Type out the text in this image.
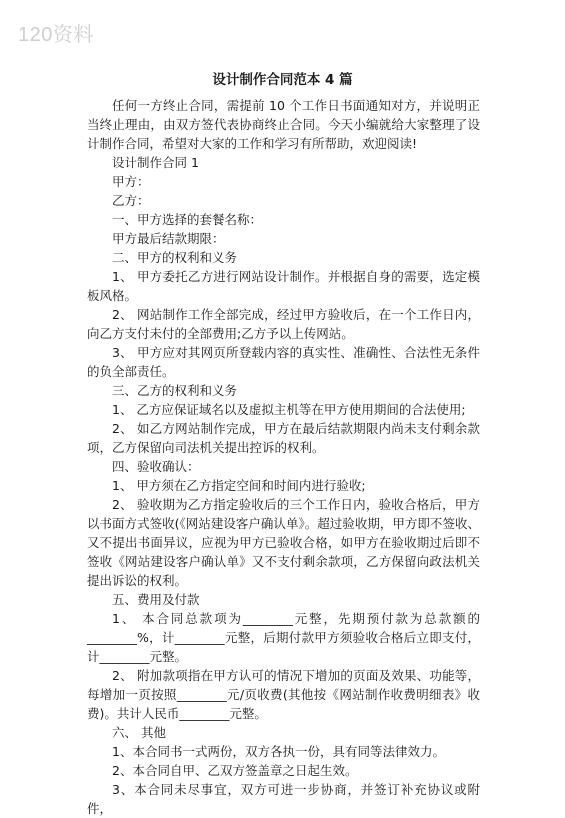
120资料
设计制作合同范本 4 篇

任何一方终止合同，需提前 10 个工作日书面通知对方，并说明正当终止理由，由双方签代表协商终止合同。今天小编就给大家整理了设计制作合同，希望对大家的工作和学习有所帮助，欢迎阅读!

设计制作合同 1

甲方：

乙方：

一、甲方选择的套餐名称：

甲方最后结款期限：

二、甲方的权利和义务

1、 甲方委托乙方进行网站设计制作。并根据自身的需要，选定模板风格。

2、 网站制作工作全部完成，经过甲方验收后，在一个工作日内，向乙方支付未付的全部费用;乙方予以上传网站。

3、 甲方应对其网页所登载内容的真实性、准确性、合法性无条件的负全部责任。

三、乙方的权利和义务

1、 乙方应保证域名以及虚拟主机等在甲方使用期间的合法使用;

2、 如乙方网站制作完成，甲方在最后结款期限内尚未支付剩余款项，乙方保留向司法机关提出控诉的权利。

四、验收确认：

1、 甲方须在乙方指定空间和时间内进行验收;

2、 验收期为乙方指定验收后的三个工作日内，验收合格后，甲方以书面方式签收(《网站建设客户确认单》。超过验收期，甲方即不签收、又不提出书面异议，应视为甲方已验收合格，如甲方在验收期过后即不签收《网站建设客户确认单》又不支付剩余款项，乙方保留向政法机关提出诉讼的权利。

五、费用及付款

1、 本合同总款项为________元整，先期预付款为总款额的________%，计________元整，后期付款甲方须验收合格后立即支付，计________元整。

2、 附加款项指在甲方认可的情况下增加的页面及效果、功能等，每增加一页按照________元/页收费(其他按《网站制作收费明细表》收费)。共计人民币________元整。

六、 其他

1、本合同书一式两份，双方各执一份，具有同等法律效力。

2、本合同自甲、乙双方签盖章之日起生效。

3、本合同未尽事宜，双方可进一步协商，并签订补充协议或附件，
